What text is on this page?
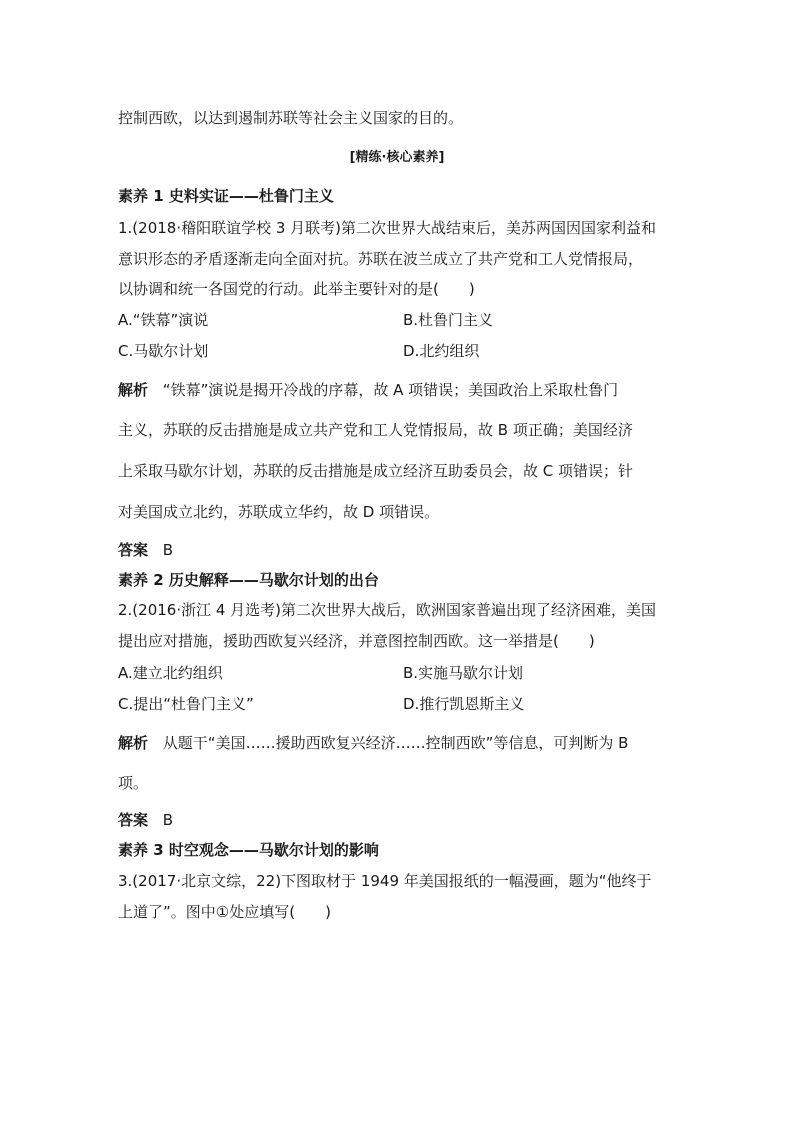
控制西欧，以达到遏制苏联等社会主义国家的目的。
[精练·核心素养]
素养 1 史料实证——杜鲁门主义
1.(2018·稽阳联谊学校 3 月联考)第二次世界大战结束后，美苏两国因国家利益和
意识形态的矛盾逐渐走向全面对抗。苏联在波兰成立了共产党和工人党情报局，
以协调和统一各国党的行动。此举主要针对的是(　　)
A.“铁幕”演说	B.杜鲁门主义
C.马歇尔计划	D.北约组织
解析 “铁幕”演说是揭开冷战的序幕，故 A 项错误；美国政治上采取杜鲁门
主义，苏联的反击措施是成立共产党和工人党情报局，故 B 项正确；美国经济
上采取马歇尔计划，苏联的反击措施是成立经济互助委员会，故 C 项错误；针
对美国成立北约，苏联成立华约，故 D 项错误。
答案 B
素养 2 历史解释——马歇尔计划的出台
2.(2016·浙江 4 月选考)第二次世界大战后，欧洲国家普遍出现了经济困难，美国
提出应对措施，援助西欧复兴经济，并意图控制西欧。这一举措是(　　)
A.建立北约组织	B.实施马歇尔计划
C.提出“杜鲁门主义”	D.推行凯恩斯主义
解析 从题干“美国……援助西欧复兴经济……控制西欧”等信息，可判断为 B
项。
答案 B
素养 3 时空观念——马歇尔计划的影响
3.(2017·北京文综，22)下图取材于 1949 年美国报纸的一幅漫画，题为“他终于
上道了”。图中①处应填写(　　)
